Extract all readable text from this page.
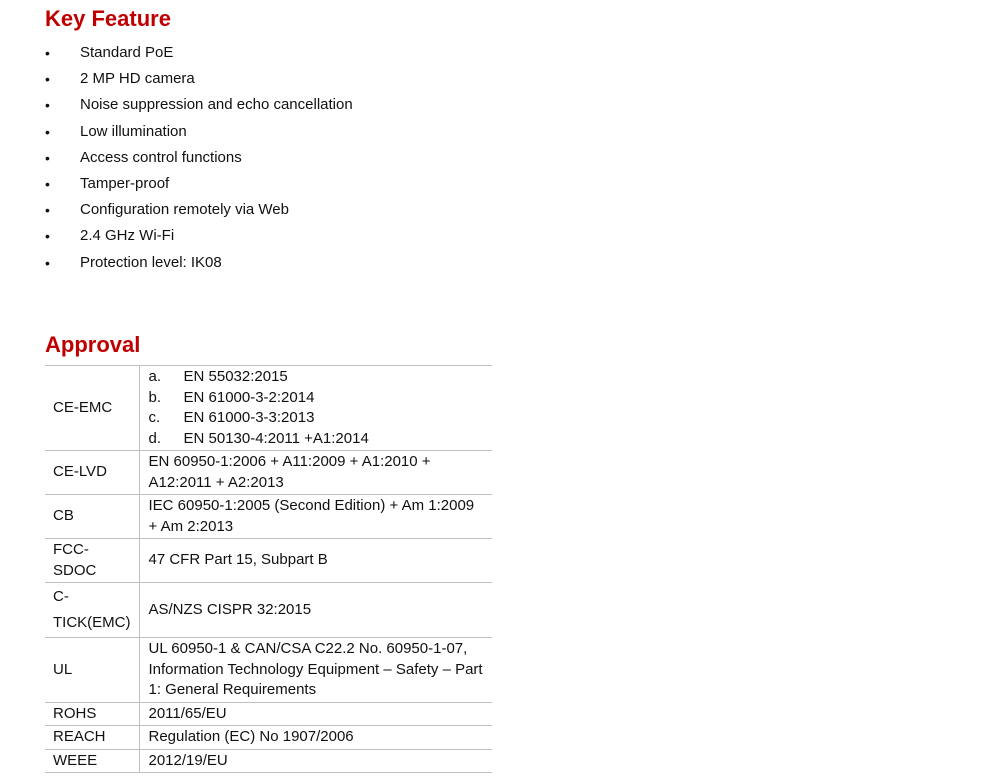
Key Feature
• Standard PoE
• 2 MP HD camera
• Noise suppression and echo cancellation
• Low illumination
• Access control functions
• Tamper-proof
• Configuration remotely via Web
• 2.4 GHz Wi-Fi
• Protection level: IK08
Approval
CE-EMC	a. EN 55032:2015
b. EN 61000-3-2:2014
c. EN 61000-3-3:2013
d. EN 50130-4:2011 +A1:2014

CE-LVD	EN 60950-1:2006 + A11:2009 + A1:2010 + A12:2011 + A2:2013
CB	IEC 60950-1:2005 (Second Edition) + Am 1:2009 + Am 2:2013
FCC-SDOC	47 CFR Part 15, Subpart B
C-TICK(EMC)	AS/NZS CISPR 32:2015
UL	UL 60950-1 & CAN/CSA C22.2 No. 60950-1-07, Information Technology Equipment – Safety – Part 1: General Requirements
ROHS	2011/65/EU
REACH	Regulation (EC) No 1907/2006
WEEE	2012/19/EU
